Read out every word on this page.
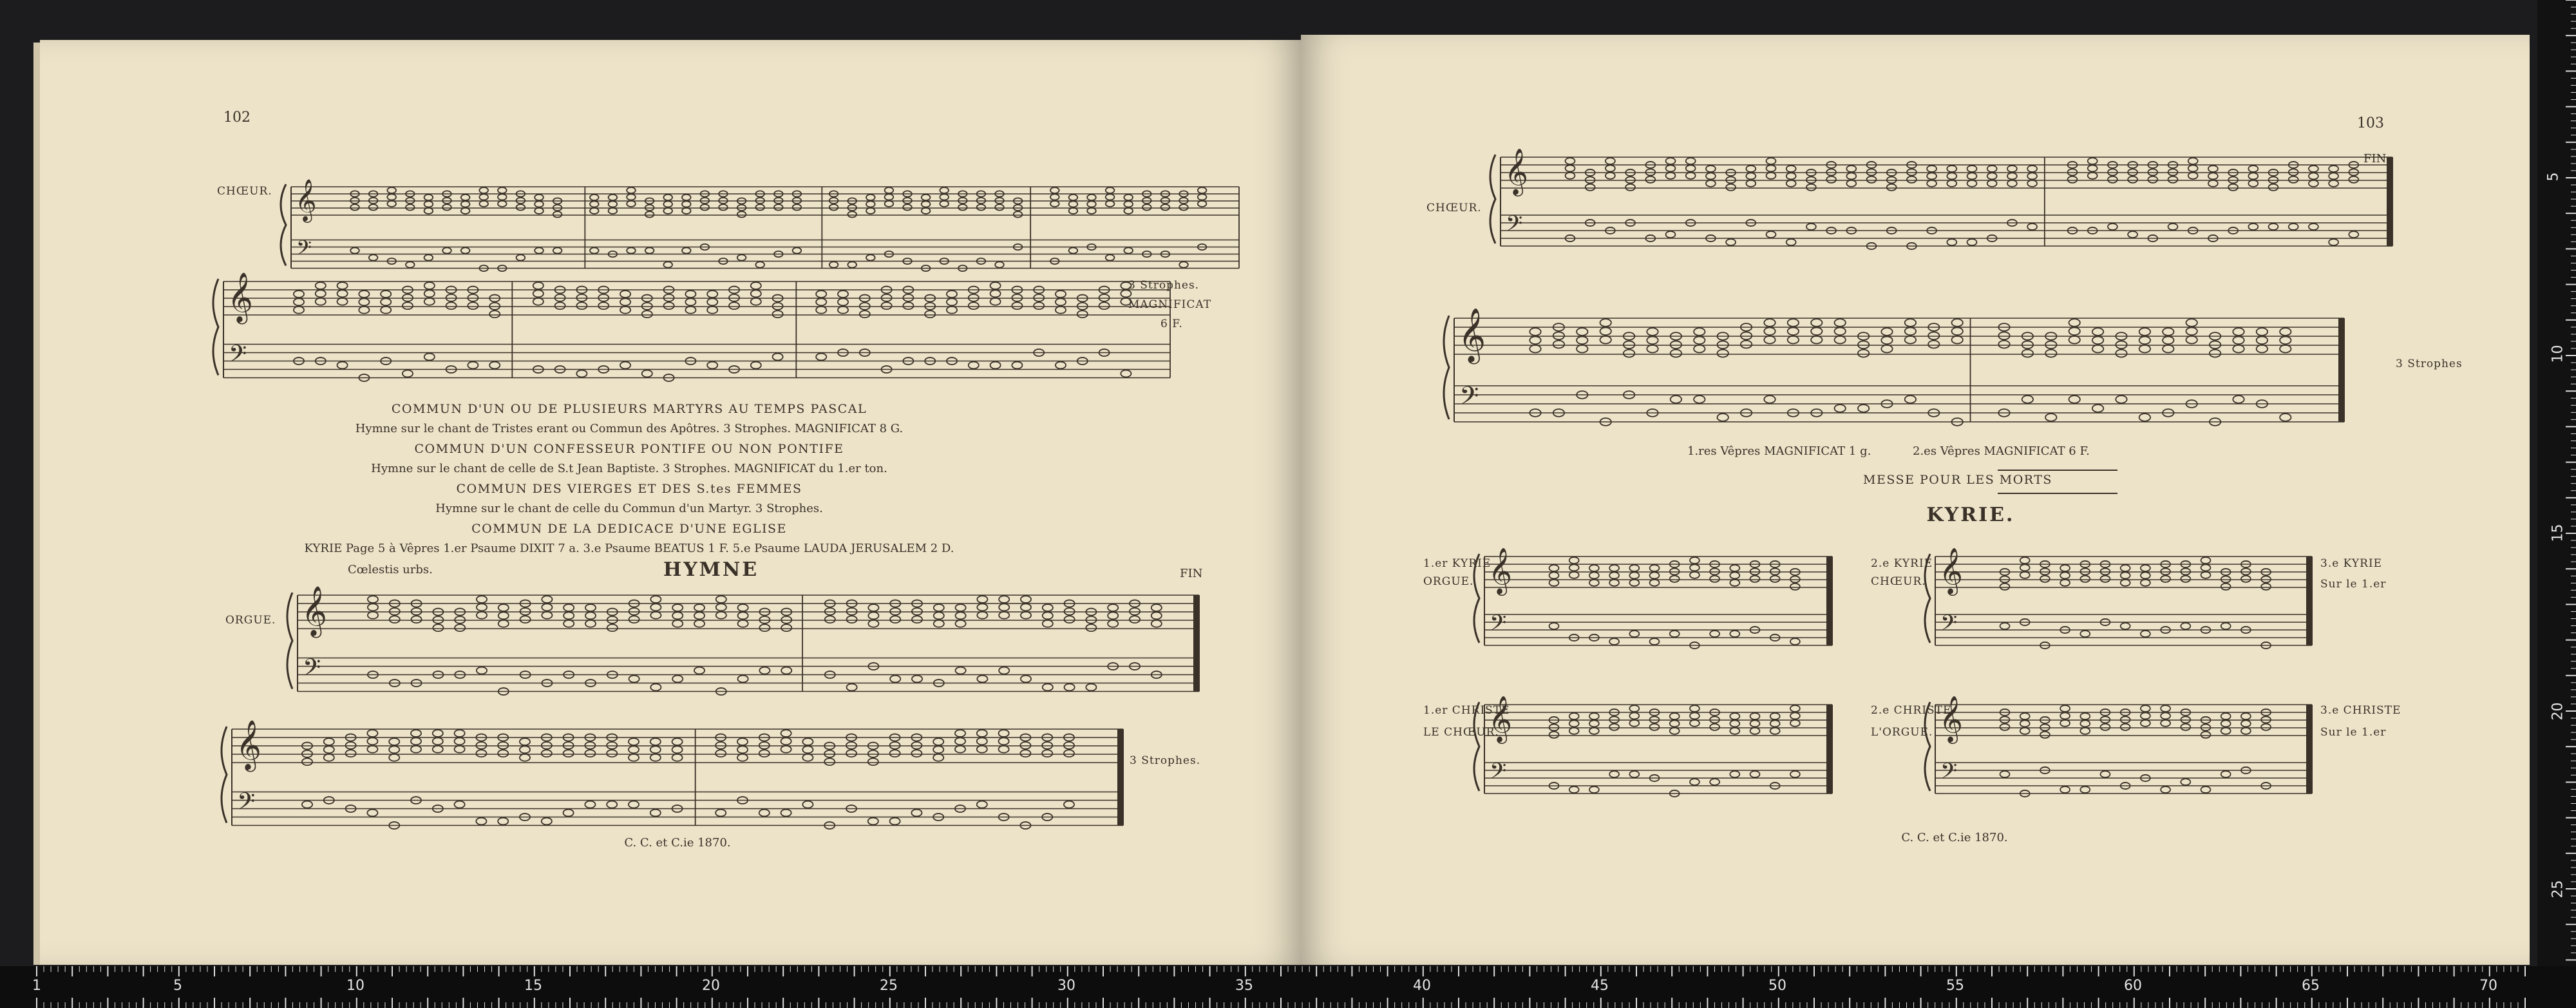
𝄞
𝄢
𝄞
𝄢
𝄞
𝄢
𝄞
𝄢
102
CHŒUR.
3 Strophes.
MAGNIFICAT
6 F.
COMMUN D'UN OU DE PLUSIEURS MARTYRS AU TEMPS PASCAL
Hymne sur le chant de Tristes erant ou Commun des Apôtres. 3 Strophes. MAGNIFICAT 8 G.
COMMUN D'UN CONFESSEUR PONTIFE OU NON PONTIFE
Hymne sur le chant de celle de S.t Jean Baptiste. 3 Strophes. MAGNIFICAT du 1.er ton.
COMMUN DES VIERGES ET DES S.tes FEMMES
Hymne sur le chant de celle du Commun d'un Martyr. 3 Strophes.
COMMUN DE LA DEDICACE D'UNE EGLISE
KYRIE Page 5 à Vêpres 1.er Psaume DIXIT 7 a. 3.e Psaume BEATUS 1 F. 5.e Psaume LAUDA JERUSALEM 2 D.
Cœlestis urbs.	HYMNE	FIN
ORGUE.
3 Strophes.
C. C. et C.ie 1870.
𝄞
𝄢
𝄞
𝄢
𝄞
𝄢
𝄞
𝄢
𝄞
𝄢
𝄞
𝄢
103
CHŒUR.
FIN
3 Strophes
1.res Vêpres MAGNIFICAT 1 g.	2.es Vêpres MAGNIFICAT 6 F.
MESSE POUR LES MORTS
KYRIE.
1.er KYRIE
ORGUE.
2.e KYRIE
CHŒUR.
3.e KYRIE
Sur le 1.er
1.er CHRISTE
LE CHŒUR.
2.e CHRISTE
L'ORGUE.
3.e CHRISTE
Sur le 1.er
C. C. et C.ie 1870.
5
10
15
20
25
1	5	10	15	20	25	30	35	40	45	50	55	60	65	70
